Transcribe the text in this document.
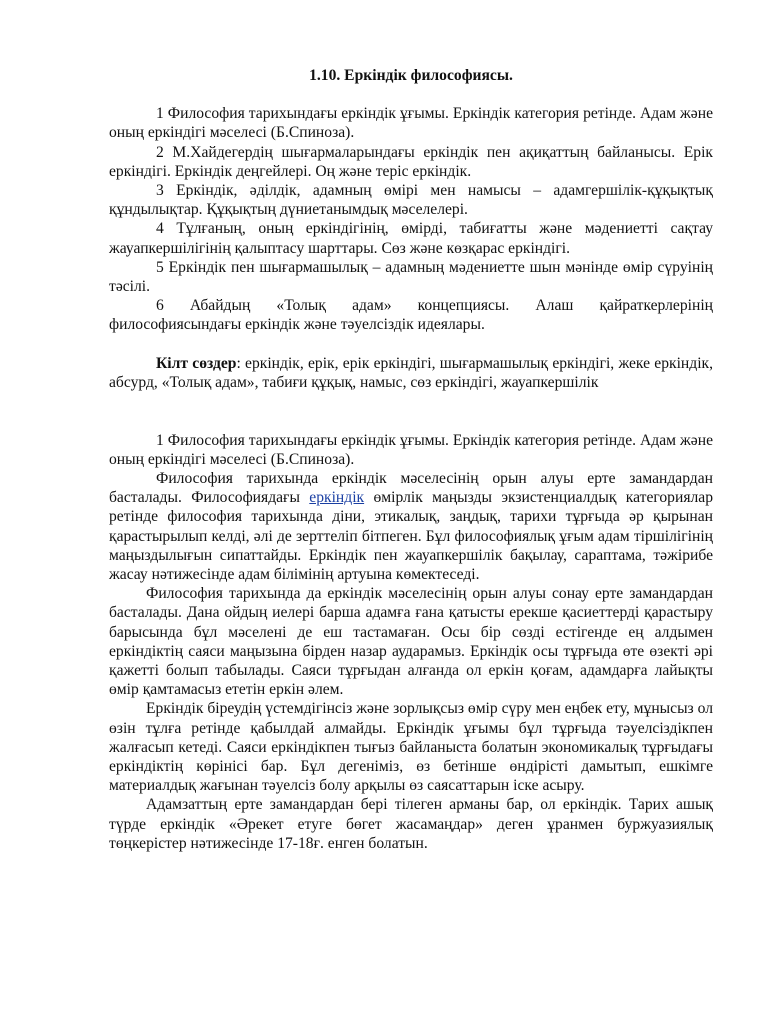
1.10. Еркіндік философиясы.

1 Философия тарихындағы еркіндік ұғымы. Еркіндік категория ретінде. Адам және оның еркіндігі мәселесі (Б.Спиноза).

2 М.Хайдегердің шығармаларындағы еркіндік пен ақиқаттың байланысы. Ерік еркіндігі. Еркіндік деңгейлері. Оң және теріс еркіндік.

3 Еркіндік, әділдік, адамның өмірі мен намысы – адамгершілік-құқықтық құндылықтар. Құқықтың дүниетанымдық мәселелері.

4 Тұлғаның, оның еркіндігінің, өмірді, табиғатты және мәдениетті сақтау жауапкершілігінің қалыптасу шарттары. Сөз және көзқарас еркіндігі.

5 Еркіндік пен шығармашылық – адамның мәдениетте шын мәнінде өмір сүруінің тәсілі.

6 Абайдың «Толық адам» концепциясы. Алаш қайраткерлерінің философиясындағы еркіндік және тәуелсіздік идеялары.

Кілт сөздер: еркіндік, ерік, ерік еркіндігі, шығармашылық еркіндігі, жеке еркіндік, абсурд, «Толық адам», табиғи құқық, намыс, сөз еркіндігі, жауапкершілік

1 Философия тарихындағы еркіндік ұғымы. Еркіндік категория ретінде. Адам және оның еркіндігі мәселесі (Б.Спиноза).

Философия тарихында еркіндік мәселесінің орын алуы ерте замандардан басталады. Философиядағы еркіндік өмірлік маңызды экзистенциалдық категориялар ретінде философия тарихында діни, этикалық, заңдық, тарихи тұрғыда әр қырынан қарастырылып келді, әлі де зерттеліп бітпеген. Бұл философиялық ұғым адам тіршілігінің маңыздылығын сипаттайды. Еркіндік пен жауапкершілік бақылау, сараптама, тәжірибе жасау нәтижесінде адам білімінің артуына көмектеседі.

Философия тарихында да еркіндік мәселесінің орын алуы сонау ерте замандардан басталады. Дана ойдың иелері барша адамға ғана қатысты ерекше қасиеттерді қарастыру барысында бұл мәселені де еш тастамаған. Осы бір сөзді естігенде ең алдымен еркіндіктің саяси маңызына бірден назар аударамыз. Еркіндік осы тұрғыда өте өзекті әрі қажетті болып табылады. Саяси тұрғыдан алғанда ол еркін қоғам, адамдарға лайықты өмір қамтамасыз ететін еркін әлем.

Еркіндік біреудің үстемдігінсіз және зорлықсыз өмір сүру мен еңбек ету, мұнысыз ол өзін тұлға ретінде қабылдай алмайды. Еркіндік ұғымы бұл тұрғыда тәуелсіздікпен жалғасып кетеді. Саяси еркіндікпен тығыз байланыста болатын экономикалық тұрғыдағы еркіндіктің көрінісі бар. Бұл дегеніміз, өз бетінше өндірісті дамытып, ешкімге материалдық жағынан тәуелсіз болу арқылы өз саясаттарын іске асыру.

Адамзаттың ерте замандардан бері тілеген арманы бар, ол еркіндік. Тарих ашық түрде еркіндік «Әрекет етуге бөгет жасамаңдар» деген ұранмен буржуазиялық төңкерістер нәтижесінде 17-18ғ. енген болатын.
